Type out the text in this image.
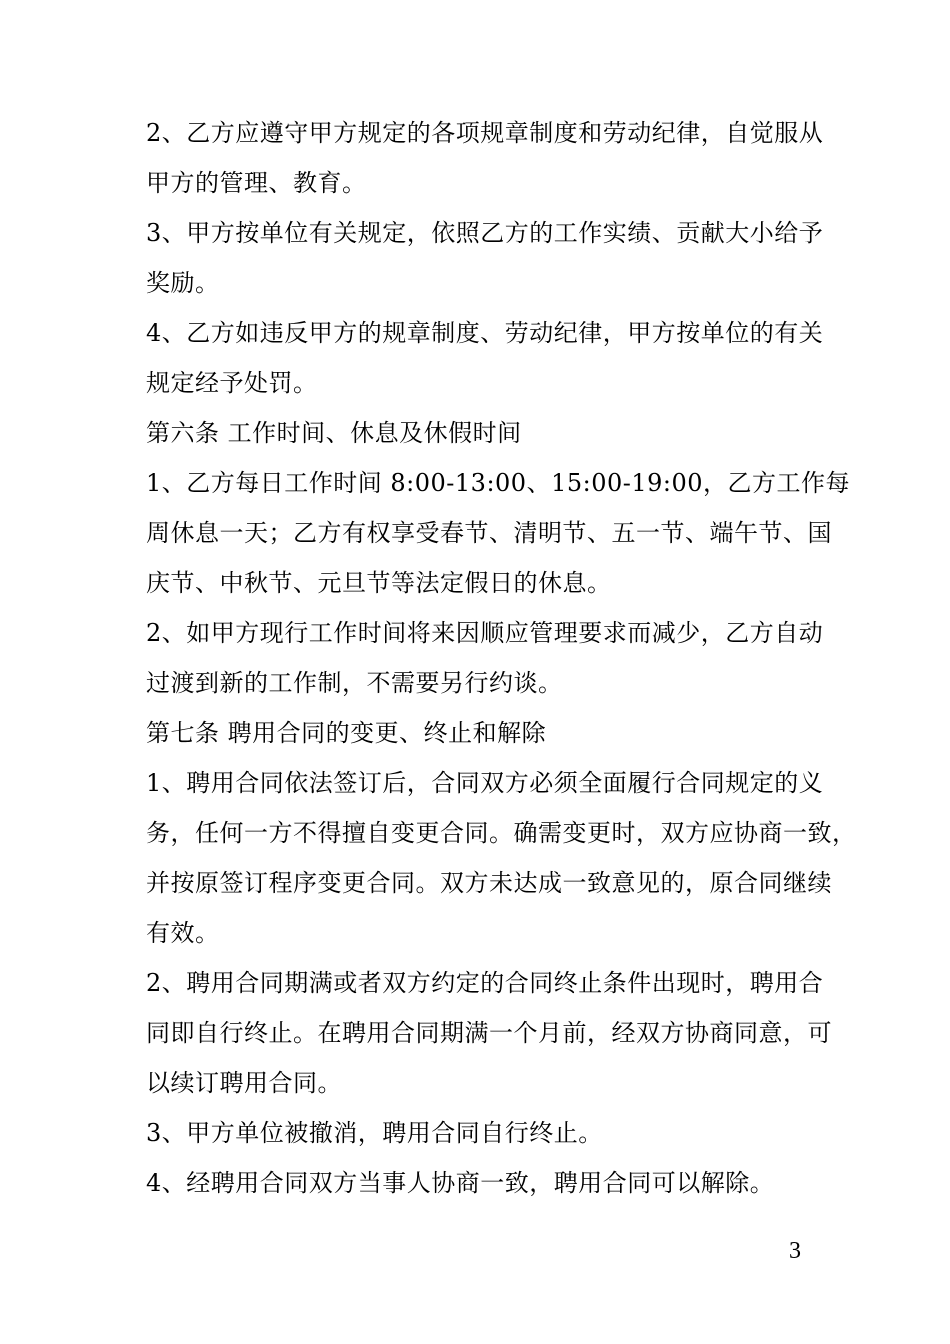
2、乙方应遵守甲方规定的各项规章制度和劳动纪律，自觉服从
甲方的管理、教育。
3、甲方按单位有关规定，依照乙方的工作实绩、贡献大小给予
奖励。
4、乙方如违反甲方的规章制度、劳动纪律，甲方按单位的有关
规定经予处罚。
第六条 工作时间、休息及休假时间
1、乙方每日工作时间 8:00-13:00、15:00-19:00，乙方工作每
周休息一天；乙方有权享受春节、清明节、五一节、端午节、国
庆节、中秋节、元旦节等法定假日的休息。
2、如甲方现行工作时间将来因顺应管理要求而减少，乙方自动
过渡到新的工作制，不需要另行约谈。
第七条 聘用合同的变更、终止和解除
1、聘用合同依法签订后，合同双方必须全面履行合同规定的义
务，任何一方不得擅自变更合同。确需变更时，双方应协商一致，
并按原签订程序变更合同。双方未达成一致意见的，原合同继续
有效。
2、聘用合同期满或者双方约定的合同终止条件出现时，聘用合
同即自行终止。在聘用合同期满一个月前，经双方协商同意，可
以续订聘用合同。
3、甲方单位被撤消，聘用合同自行终止。
4、经聘用合同双方当事人协商一致，聘用合同可以解除。
3
